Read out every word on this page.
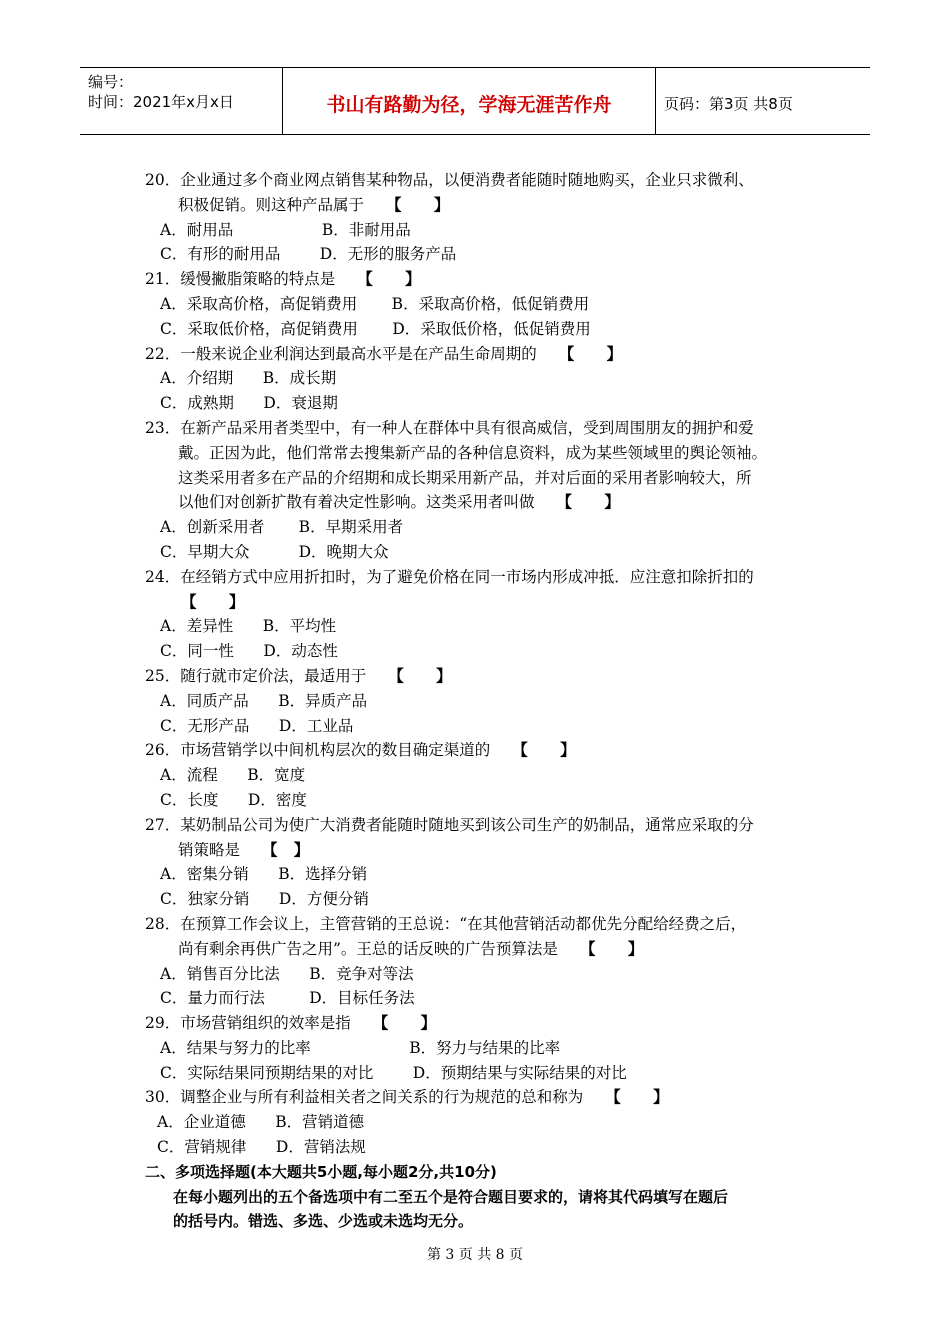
编号：
时间：2021年x月x日	书山有路勤为径，学海无涯苦作舟	页码：第3页 共8页
20．企业通过多个商业网点销售某种物品，以便消费者能随时随地购买，企业只求微利、
积极促销。则这种产品属于 【      】
A．耐用品                  B．非耐用品
C．有形的耐用品        D．无形的服务产品
21．缓慢撇脂策略的特点是 【      】
A．采取高价格，高促销费用       B．采取高价格，低促销费用
C．采取低价格，高促销费用       D．采取低价格，低促销费用
22．一般来说企业利润达到最高水平是在产品生命周期的 【      】
A．介绍期      B．成长期
C．成熟期      D．衰退期
23．在新产品采用者类型中，有一种人在群体中具有很高威信，受到周围朋友的拥护和爱
戴。正因为此，他们常常去搜集新产品的各种信息资料，成为某些领域里的舆论领袖。
这类采用者多在产品的介绍期和成长期采用新产品，并对后面的采用者影响较大，所
以他们对创新扩散有着决定性影响。这类采用者叫做 【      】
A．创新采用者       B．早期采用者
C．早期大众          D．晚期大众
24．在经销方式中应用折扣时，为了避免价格在同一市场内形成冲抵．应注意扣除折扣的
【      】
A．差异性      B．平均性
C．同一性      D．动态性
25．随行就市定价法，最适用于 【      】
A．同质产品      B．异质产品
C．无形产品      D．工业品
26．市场营销学以中间机构层次的数目确定渠道的 【      】
A．流程      B．宽度
C．长度      D．密度
27．某奶制品公司为使广大消费者能随时随地买到该公司生产的奶制品，通常应采取的分
销策略是 【   】
A．密集分销      B．选择分销
C．独家分销      D．方便分销
28．在预算工作会议上，主管营销的王总说：“在其他营销活动都优先分配给经费之后，
尚有剩余再供广告之用”。王总的话反映的广告预算法是 【      】
A．销售百分比法      B．竞争对等法
C．量力而行法         D．目标任务法
29．市场营销组织的效率是指 【      】
A．结果与努力的比率                    B．努力与结果的比率
C．实际结果同预期结果的对比        D．预期结果与实际结果的对比
30．调整企业与所有利益相关者之间关系的行为规范的总和称为 【      】
A．企业道德      B．营销道德
C．营销规律      D．营销法规
二、多项选择题(本大题共5小题,每小题2分,共10分)
在每小题列出的五个备选项中有二至五个是符合题目要求的，请将其代码填写在题后
的括号内。错选、多选、少选或未选均无分。
第 3 页 共 8 页
